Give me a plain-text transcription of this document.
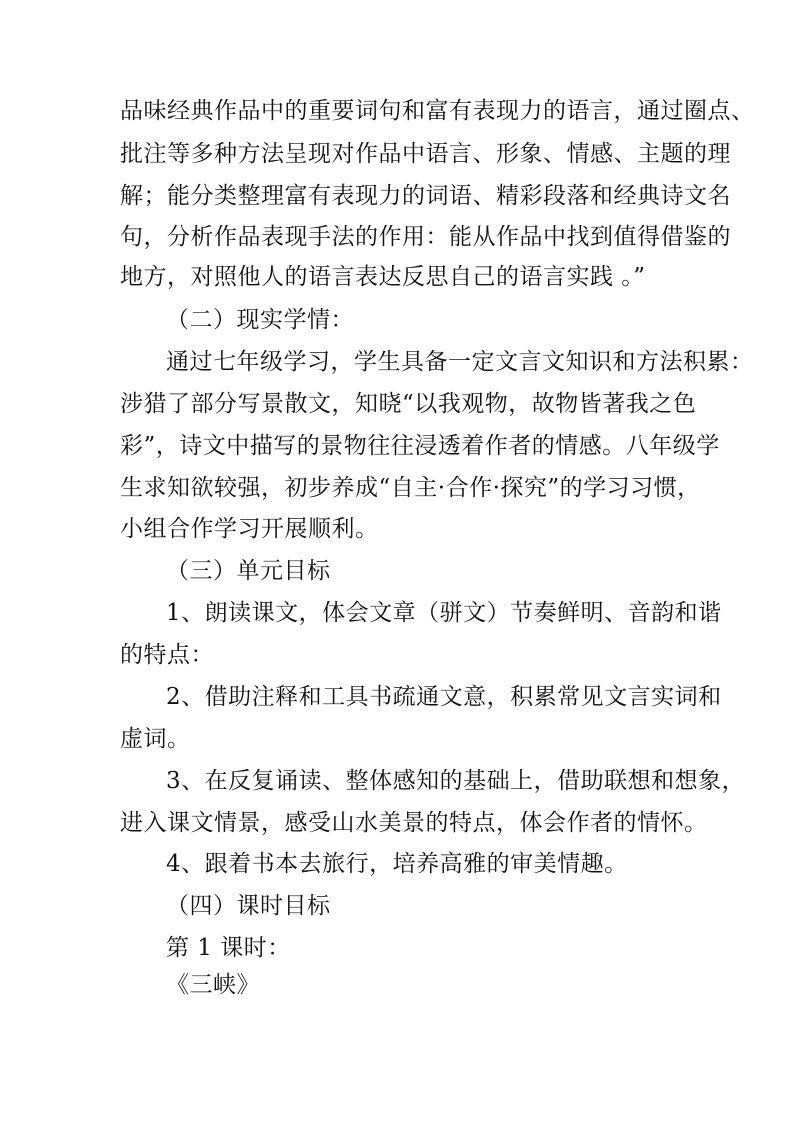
品味经典作品中的重要词句和富有表现力的语言，通过圈点、
批注等多种方法呈现对作品中语言、形象、情感、主题的理
解；能分类整理富有表现力的词语、精彩段落和经典诗文名
句，分析作品表现手法的作用：能从作品中找到值得借鉴的
地方，对照他人的语言表达反思自己的语言实践 。”
（二）现实学情：
通过七年级学习，学生具备一定文言文知识和方法积累：
涉猎了部分写景散文，知晓“以我观物，故物皆著我之色
彩”，诗文中描写的景物往往浸透着作者的情感。八年级学
生求知欲较强，初步养成“自主·合作·探究”的学习习惯，
小组合作学习开展顺利。
（三）单元目标
1、朗读课文，体会文章（骈文）节奏鲜明、音韵和谐
的特点：
2、借助注释和工具书疏通文意，积累常见文言实词和
虚词。
3、在反复诵读、整体感知的基础上，借助联想和想象，
进入课文情景，感受山水美景的特点，体会作者的情怀。
4、跟着书本去旅行，培养高雅的审美情趣。
（四）课时目标
第 1 课时：
《三峡》
